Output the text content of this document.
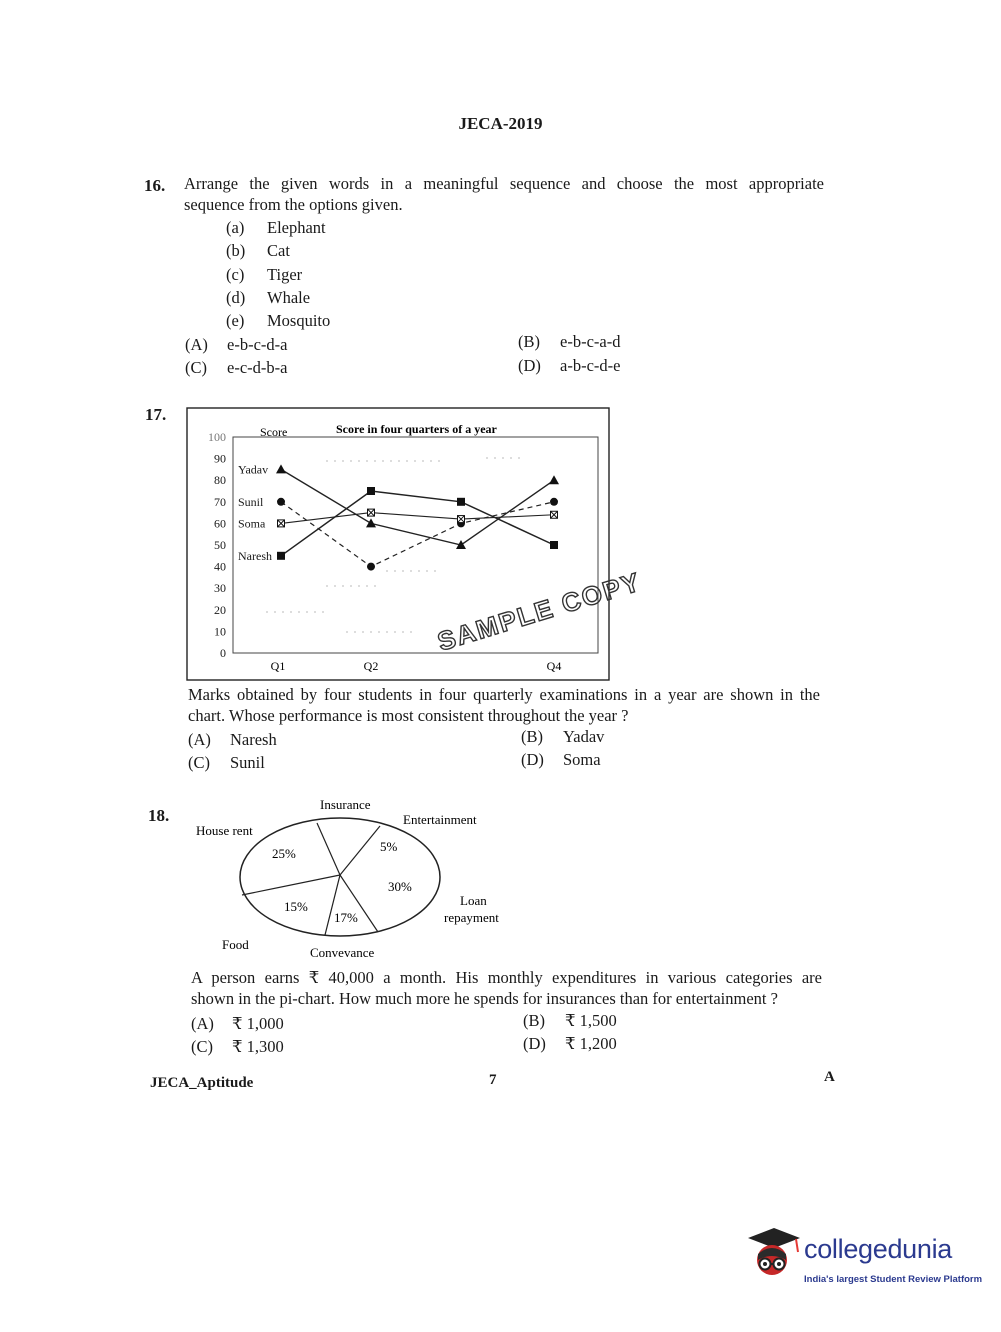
JECA-2019
16. Arrange the given words in a meaningful sequence and choose the most appropriate
sequence from the options given.
(a) Elephant
(b) Cat
(c) Tiger
(d) Whale
(e) Mosquito
(A) e-b-c-d-a	(B) e-b-c-a-d
(C) e-c-d-b-a	(D) a-b-c-d-e
17.
Score	Score in four quarters of a year
100
90
80
70
60
50
40
30
20
10
0
Q1	Q2	Q4
Yadav
Sunil
Soma
Naresh
SAMPLE COPY
Marks obtained by four students in four quarterly examinations in a year are shown in the
chart. Whose performance is most consistent throughout the year ?
(A) Naresh	(B) Yadav
(C) Sunil	(D) Soma
18.
Insurance
Entertainment
Loan
repayment
Convevance
Food
House rent
5%
30%
17%
15%
25%
A person earns ₹ 40,000 a month. His monthly expenditures in various categories are
shown in the pi-chart. How much more he spends for insurances than for entertainment ?
(A) ₹ 1,000	(B) ₹ 1,500
(C) ₹ 1,300	(D) ₹ 1,200
JECA_Aptitude	7	A
collegedunia
India's largest Student Review Platform
